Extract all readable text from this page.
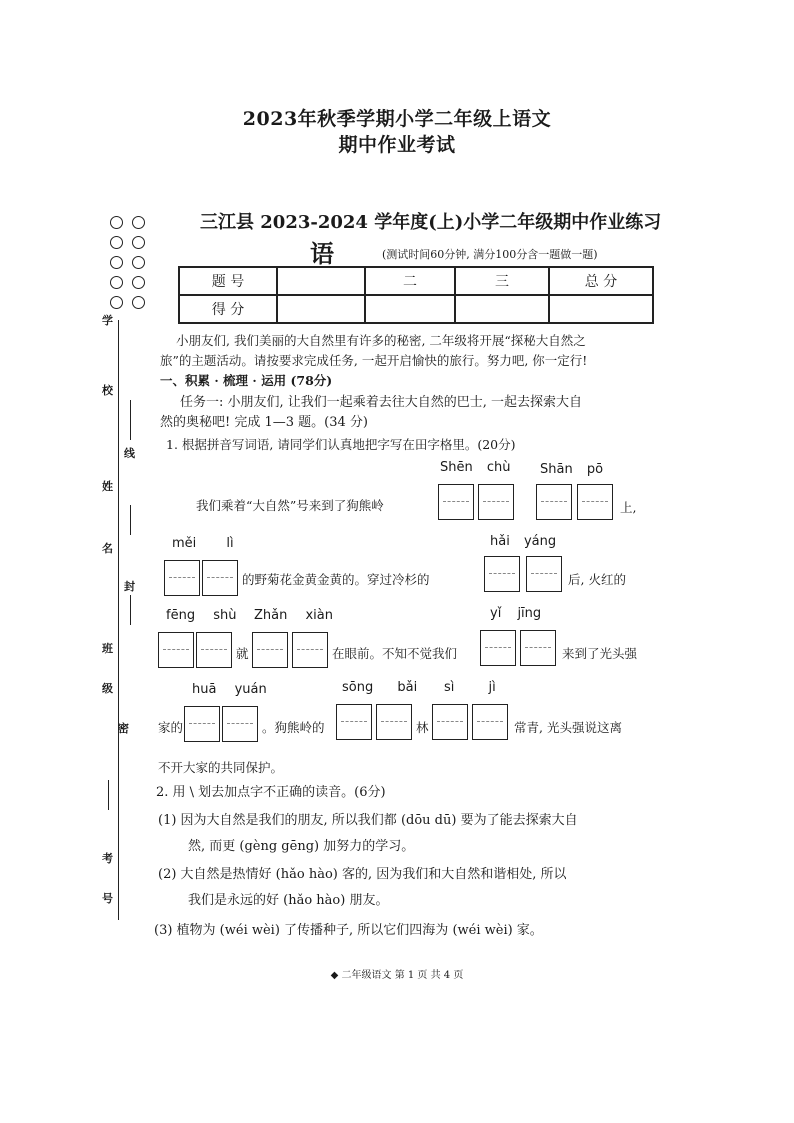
2023年秋季学期小学二年级上语文
期中作业考试
学
校
线
姓
名
封
班
级
密
考
号
三江县 2023-2024 学年度(上)小学二年级期中作业练习
语	(测试时间60分钟, 满分100分含一题做一题)
题 号		二	三	总 分
得 分				
小朋友们, 我们美丽的大自然里有许多的秘密, 二年级将开展“探秘大自然之
旅”的主题活动。请按要求完成任务, 一起开启愉快的旅行。努力吧, 你一定行!
一、积累 · 梳理 · 运用 (78分)
任务一: 小朋友们, 让我们一起乘着去往大自然的巴士, 一起去探索大自
然的奥秘吧! 完成 1—3 题。(34 分)
1. 根据拼音写词语, 请同学们认真地把字写在田字格里。(20分)
Shēn chù Shān pō
我们乘着“大自然”号来到了狗熊岭	上,
měi lì	hǎi yáng
的野菊花金黄金黄的。穿过冷杉的	后, 火红的
fēng shù Zhǎn xiàn	yǐ jīng
就	在眼前。不知不觉我们	来到了光头强
huā yuán	sōng bǎi sì jì
家的	。狗熊岭的	林	常青, 光头强说这离
不开大家的共同保护。
2. 用 \ 划去加点字不正确的读音。(6分)
(1) 因为大自然是我们的朋友, 所以我们都 (dōu dū) 要为了能去探索大自
然, 而更 (gèng gēng) 加努力的学习。
(2) 大自然是热情好 (hǎo hào) 客的, 因为我们和大自然和谐相处, 所以
我们是永远的好 (hǎo hào) 朋友。
(3) 植物为 (wéi wèi) 了传播种子, 所以它们四海为 (wéi wèi) 家。
◆ 二年级语文 第 1 页 共 4 页
